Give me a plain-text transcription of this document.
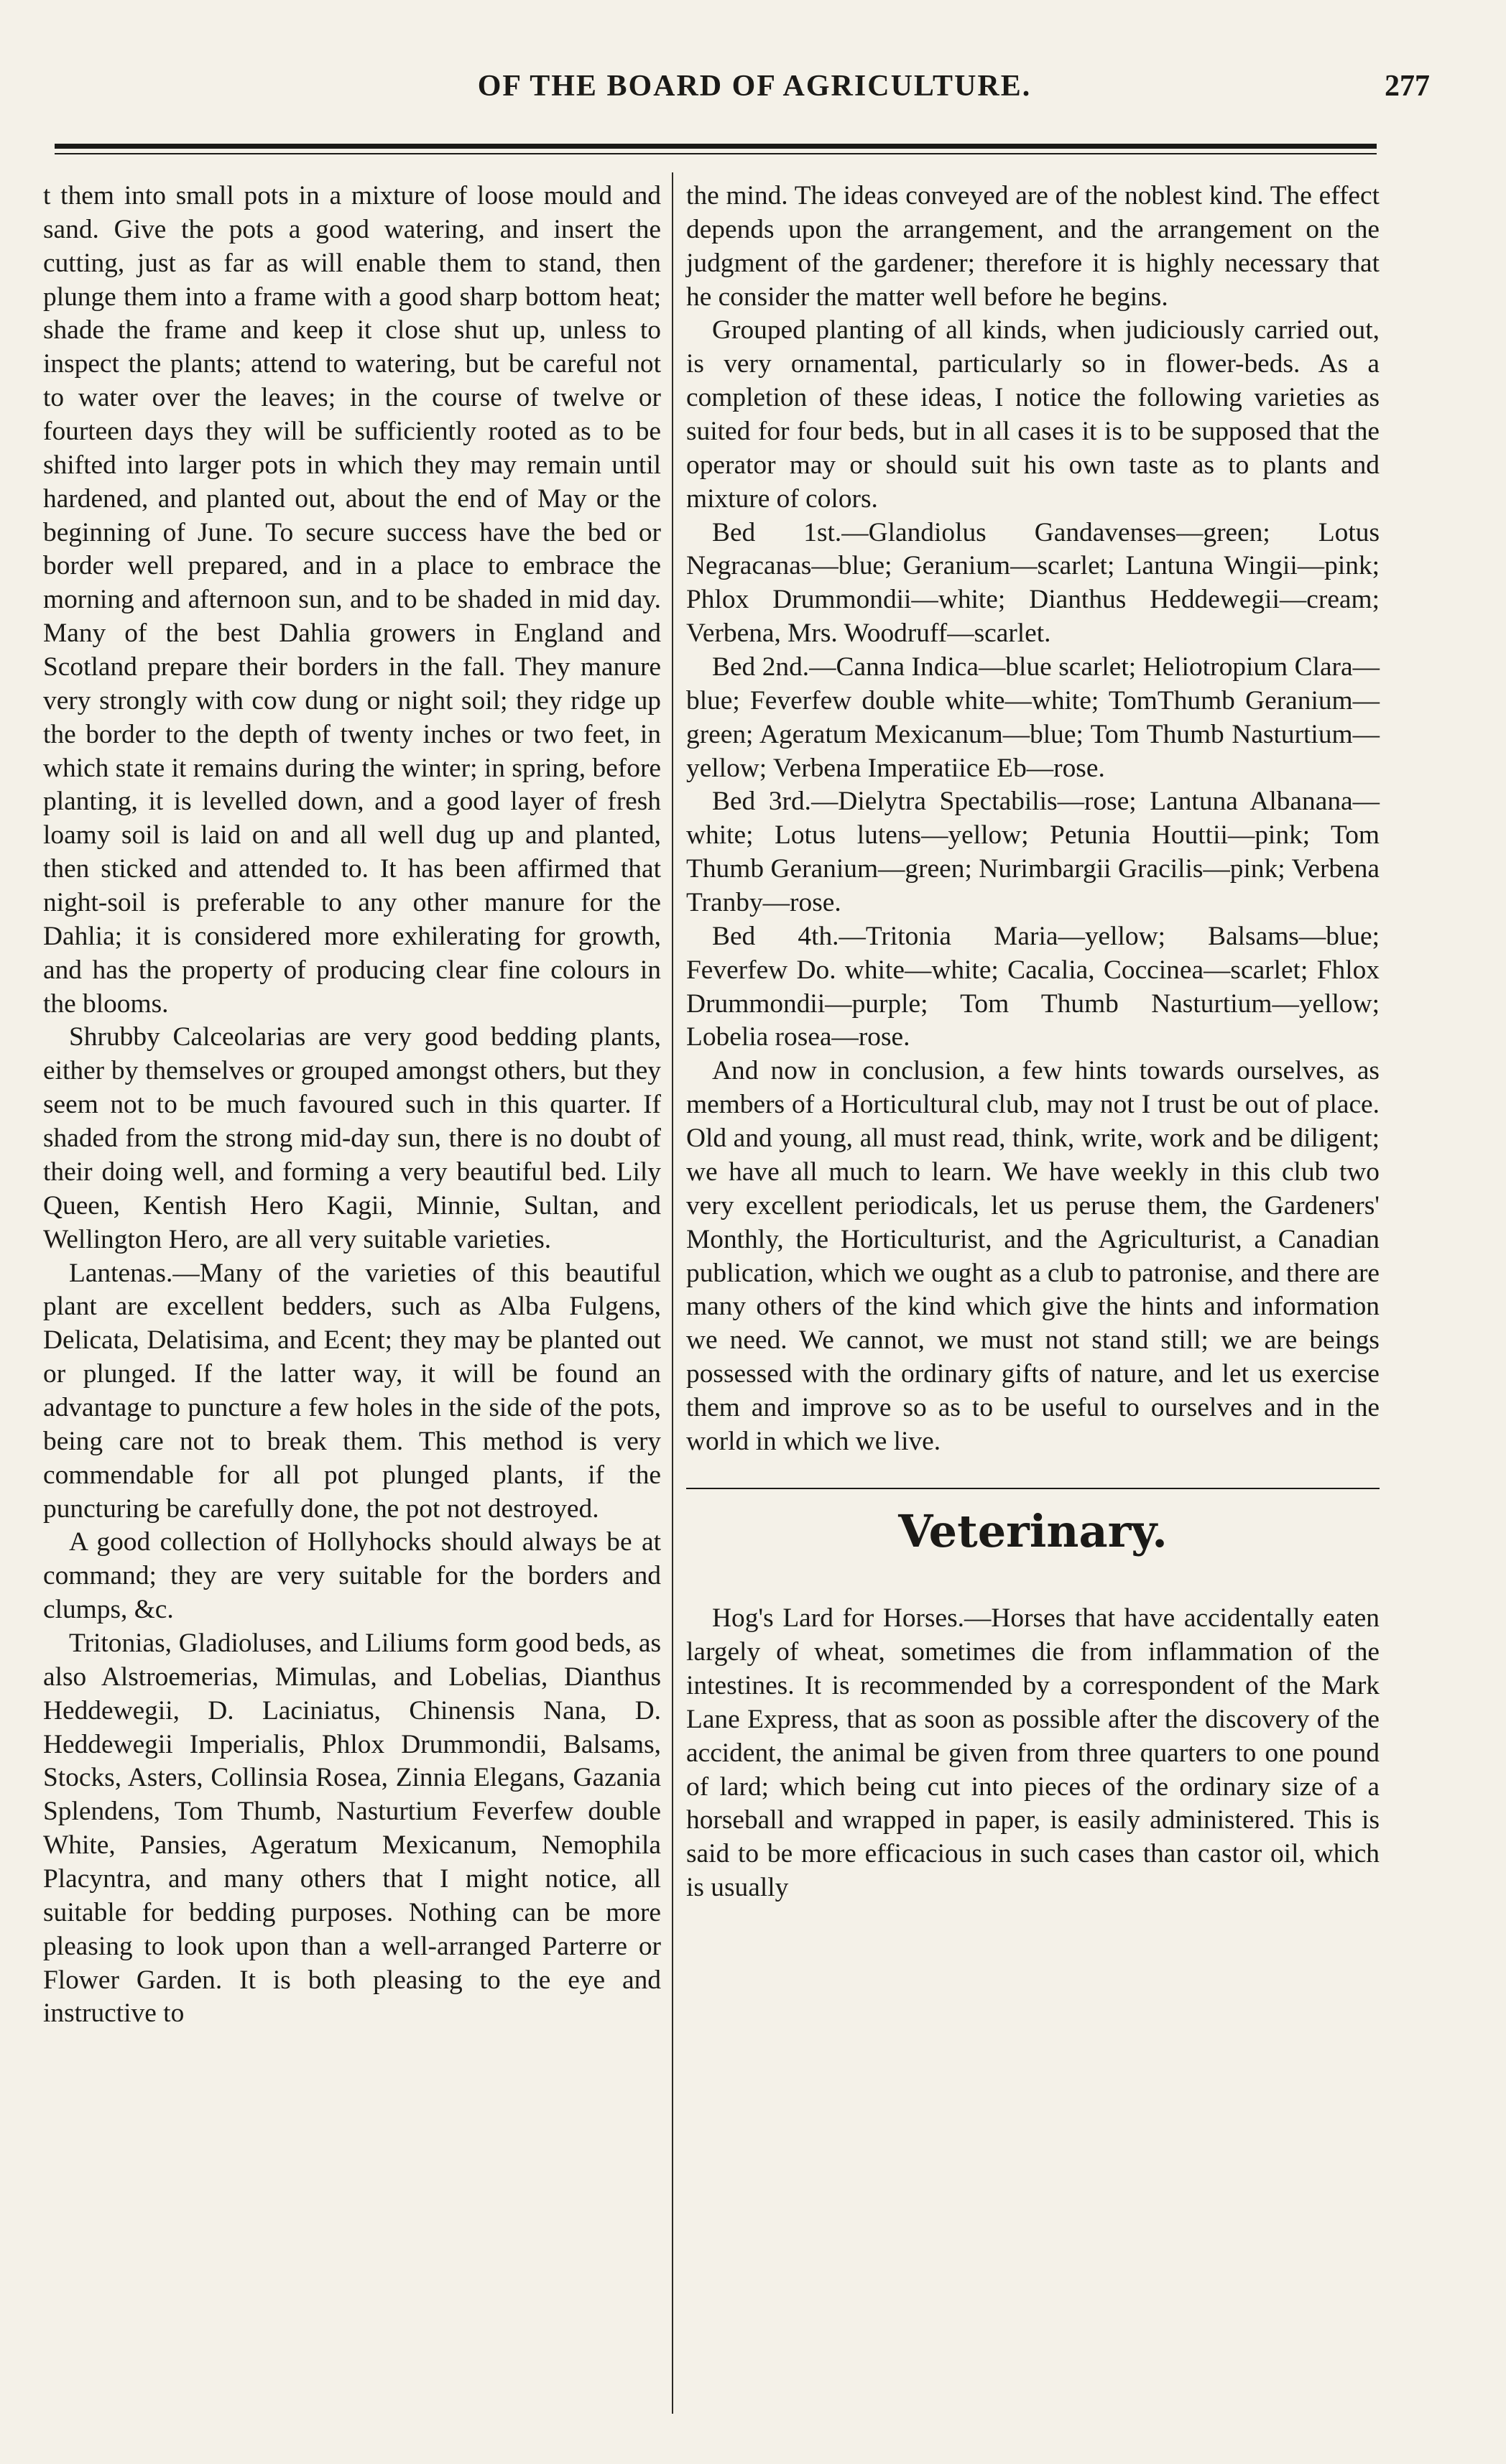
OF THE BOARD OF AGRICULTURE.	277

t them into small pots in a mixture of loose mould and sand. Give the pots a good watering, and insert the cutting, just as far as will enable them to stand, then plunge them into a frame with a good sharp bottom heat; shade the frame and keep it close shut up, unless to inspect the plants; attend to watering, but be careful not to water over the leaves; in the course of twelve or fourteen days they will be sufficiently rooted as to be shifted into larger pots in which they may remain until hardened, and planted out, about the end of May or the beginning of June. To secure success have the bed or border well prepared, and in a place to embrace the morning and afternoon sun, and to be shaded in mid day. Many of the best Dahlia growers in England and Scotland prepare their borders in the fall. They manure very strongly with cow dung or night soil; they ridge up the border to the depth of twenty inches or two feet, in which state it remains during the winter; in spring, before planting, it is levelled down, and a good layer of fresh loamy soil is laid on and all well dug up and planted, then sticked and attended to. It has been affirmed that night-soil is preferable to any other manure for the Dahlia; it is considered more exhilerating for growth, and has the property of producing clear fine colours in the blooms.

Shrubby Calceolarias are very good bedding plants, either by themselves or grouped amongst others, but they seem not to be much favoured such in this quarter. If shaded from the strong mid-day sun, there is no doubt of their doing well, and forming a very beautiful bed. Lily Queen, Kentish Hero Kagii, Minnie, Sultan, and Wellington Hero, are all very suitable varieties.

Lantenas.—Many of the varieties of this beautiful plant are excellent bedders, such as Alba Fulgens, Delicata, Delatisima, and Ecent; they may be planted out or plunged. If the latter way, it will be found an advantage to puncture a few holes in the side of the pots, being care not to break them. This method is very commendable for all pot plunged plants, if the puncturing be carefully done, the pot not destroyed.

A good collection of Hollyhocks should always be at command; they are very suitable for the borders and clumps, &c.

Tritonias, Gladioluses, and Liliums form good beds, as also Alstroemerias, Mimulas, and Lobelias, Dianthus Heddewegii, D. Laciniatus, Chinensis Nana, D. Heddewegii Imperialis, Phlox Drummondii, Balsams, Stocks, Asters, Collinsia Rosea, Zinnia Elegans, Gazania Splendens, Tom Thumb, Nasturtium Feverfew double White, Pansies, Ageratum Mexicanum, Nemophila Placyntra, and many others that I might notice, all suitable for bedding purposes. Nothing can be more pleasing to look upon than a well-arranged Parterre or Flower Garden. It is both pleasing to the eye and instructive to

the mind. The ideas conveyed are of the noblest kind. The effect depends upon the arrangement, and the arrangement on the judgment of the gardener; therefore it is highly necessary that he consider the matter well before he begins.

Grouped planting of all kinds, when judiciously carried out, is very ornamental, particularly so in flower-beds. As a completion of these ideas, I notice the following varieties as suited for four beds, but in all cases it is to be supposed that the operator may or should suit his own taste as to plants and mixture of colors.

Bed 1st.—Glandiolus Gandavenses—green; Lotus Negracanas—blue; Geranium—scarlet; Lantuna Wingii—pink; Phlox Drummondii—white; Dianthus Heddewegii—cream; Verbena, Mrs. Woodruff—scarlet.

Bed 2nd.—Canna Indica—blue scarlet; Heliotropium Clara—blue; Feverfew double white—white; TomThumb Geranium—green; Ageratum Mexicanum—blue; Tom Thumb Nasturtium—yellow; Verbena Imperatiice Eb—rose.

Bed 3rd.—Dielytra Spectabilis—rose; Lantuna Albanana—white; Lotus lutens—yellow; Petunia Houttii—pink; Tom Thumb Geranium—green; Nurimbargii Gracilis—pink; Verbena Tranby—rose.

Bed 4th.—Tritonia Maria—yellow; Balsams—blue; Feverfew Do. white—white; Cacalia, Coccinea—scarlet; Fhlox Drummondii—purple; Tom Thumb Nasturtium—yellow; Lobelia rosea—rose.

And now in conclusion, a few hints towards ourselves, as members of a Horticultural club, may not I trust be out of place. Old and young, all must read, think, write, work and be diligent; we have all much to learn. We have weekly in this club two very excellent periodicals, let us peruse them, the Gardeners' Monthly, the Horticulturist, and the Agriculturist, a Canadian publication, which we ought as a club to patronise, and there are many others of the kind which give the hints and information we need. We cannot, we must not stand still; we are beings possessed with the ordinary gifts of nature, and let us exercise them and improve so as to be useful to ourselves and in the world in which we live.

Veterinary.

Hog's Lard for Horses.—Horses that have accidentally eaten largely of wheat, sometimes die from inflammation of the intestines. It is recommended by a correspondent of the Mark Lane Express, that as soon as possible after the discovery of the accident, the animal be given from three quarters to one pound of lard; which being cut into pieces of the ordinary size of a horseball and wrapped in paper, is easily administered. This is said to be more efficacious in such cases than castor oil, which is usually
